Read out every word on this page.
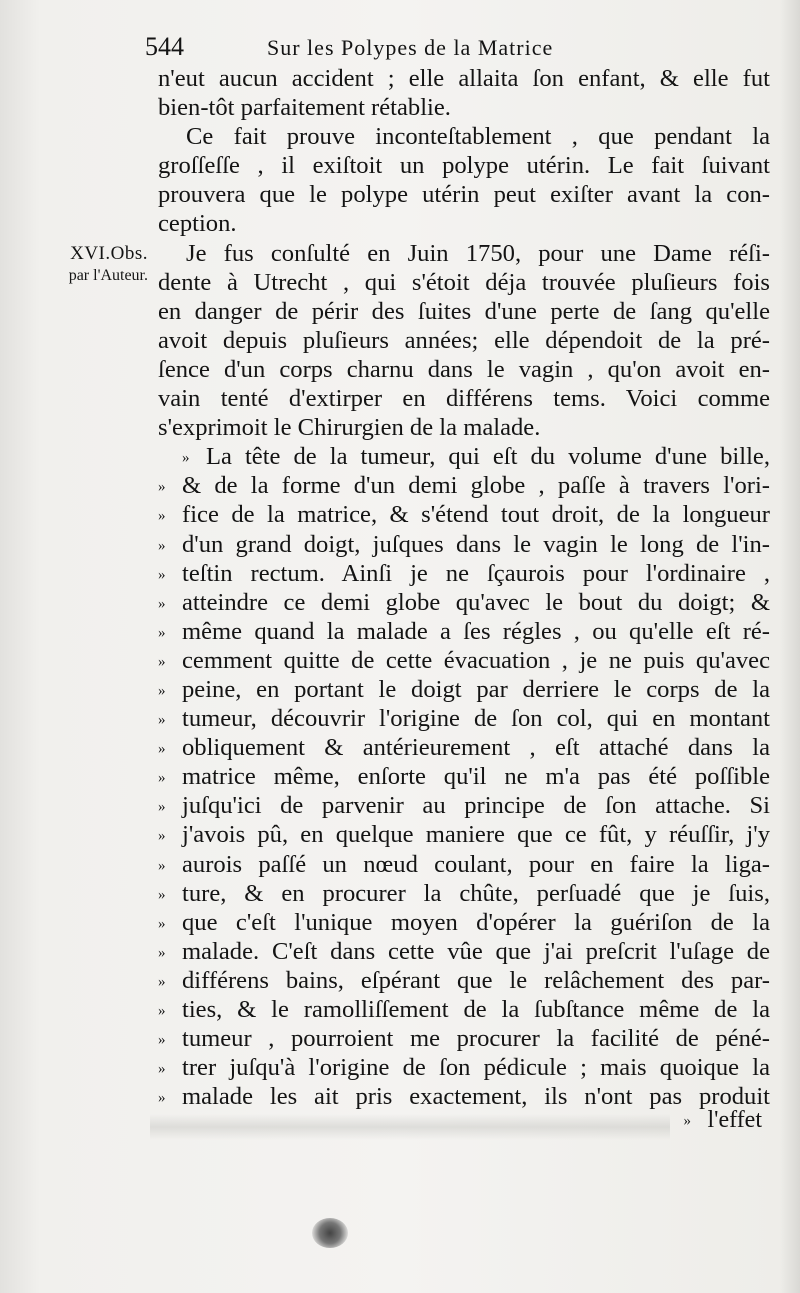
544	Sur les Polypes de la Matrice
XVI.Obs.
par l'Auteur.
n'eut aucun accident ; elle allaita ſon enfant, & elle fut
bien-tôt parfaitement rétablie.
Ce fait prouve inconteſtablement , que pendant la
groſſeſſe , il exiſtoit un polype utérin. Le fait ſuivant
prouvera que le polype utérin peut exiſter avant la con-
ception.
Je fus conſulté en Juin 1750, pour une Dame réſi-
dente à Utrecht , qui s'étoit déja trouvée pluſieurs fois
en danger de périr des ſuites d'une perte de ſang qu'elle
avoit depuis pluſieurs années; elle dépendoit de la pré-
ſence d'un corps charnu dans le vagin , qu'on avoit en-
vain tenté d'extirper en différens tems. Voici comme
s'exprimoit le Chirurgien de la malade.
» La tête de la tumeur, qui eſt du volume d'une bille,
» & de la forme d'un demi globe , paſſe à travers l'ori-
» fice de la matrice, & s'étend tout droit, de la longueur
» d'un grand doigt, juſques dans le vagin le long de l'in-
» teſtin rectum. Ainſi je ne ſçaurois pour l'ordinaire ,
» atteindre ce demi globe qu'avec le bout du doigt; &
» même quand la malade a ſes régles , ou qu'elle eſt ré-
» cemment quitte de cette évacuation , je ne puis qu'avec
» peine, en portant le doigt par derriere le corps de la
» tumeur, découvrir l'origine de ſon col, qui en montant
» obliquement & antérieurement , eſt attaché dans la
» matrice même, enſorte qu'il ne m'a pas été poſſible
» juſqu'ici de parvenir au principe de ſon attache. Si
» j'avois pû, en quelque maniere que ce fût, y réuſſir, j'y
» aurois paſſé un nœud coulant, pour en faire la liga-
» ture, & en procurer la chûte, perſuadé que je ſuis,
» que c'eſt l'unique moyen d'opérer la guériſon de la
» malade. C'eſt dans cette vûe que j'ai preſcrit l'uſage de
» différens bains, eſpérant que le relâchement des par-
» ties, & le ramolliſſement de la ſubſtance même de la
» tumeur , pourroient me procurer la facilité de péné-
» trer juſqu'à l'origine de ſon pédicule ; mais quoique la
» malade les ait pris exactement, ils n'ont pas produit
» l'effet
